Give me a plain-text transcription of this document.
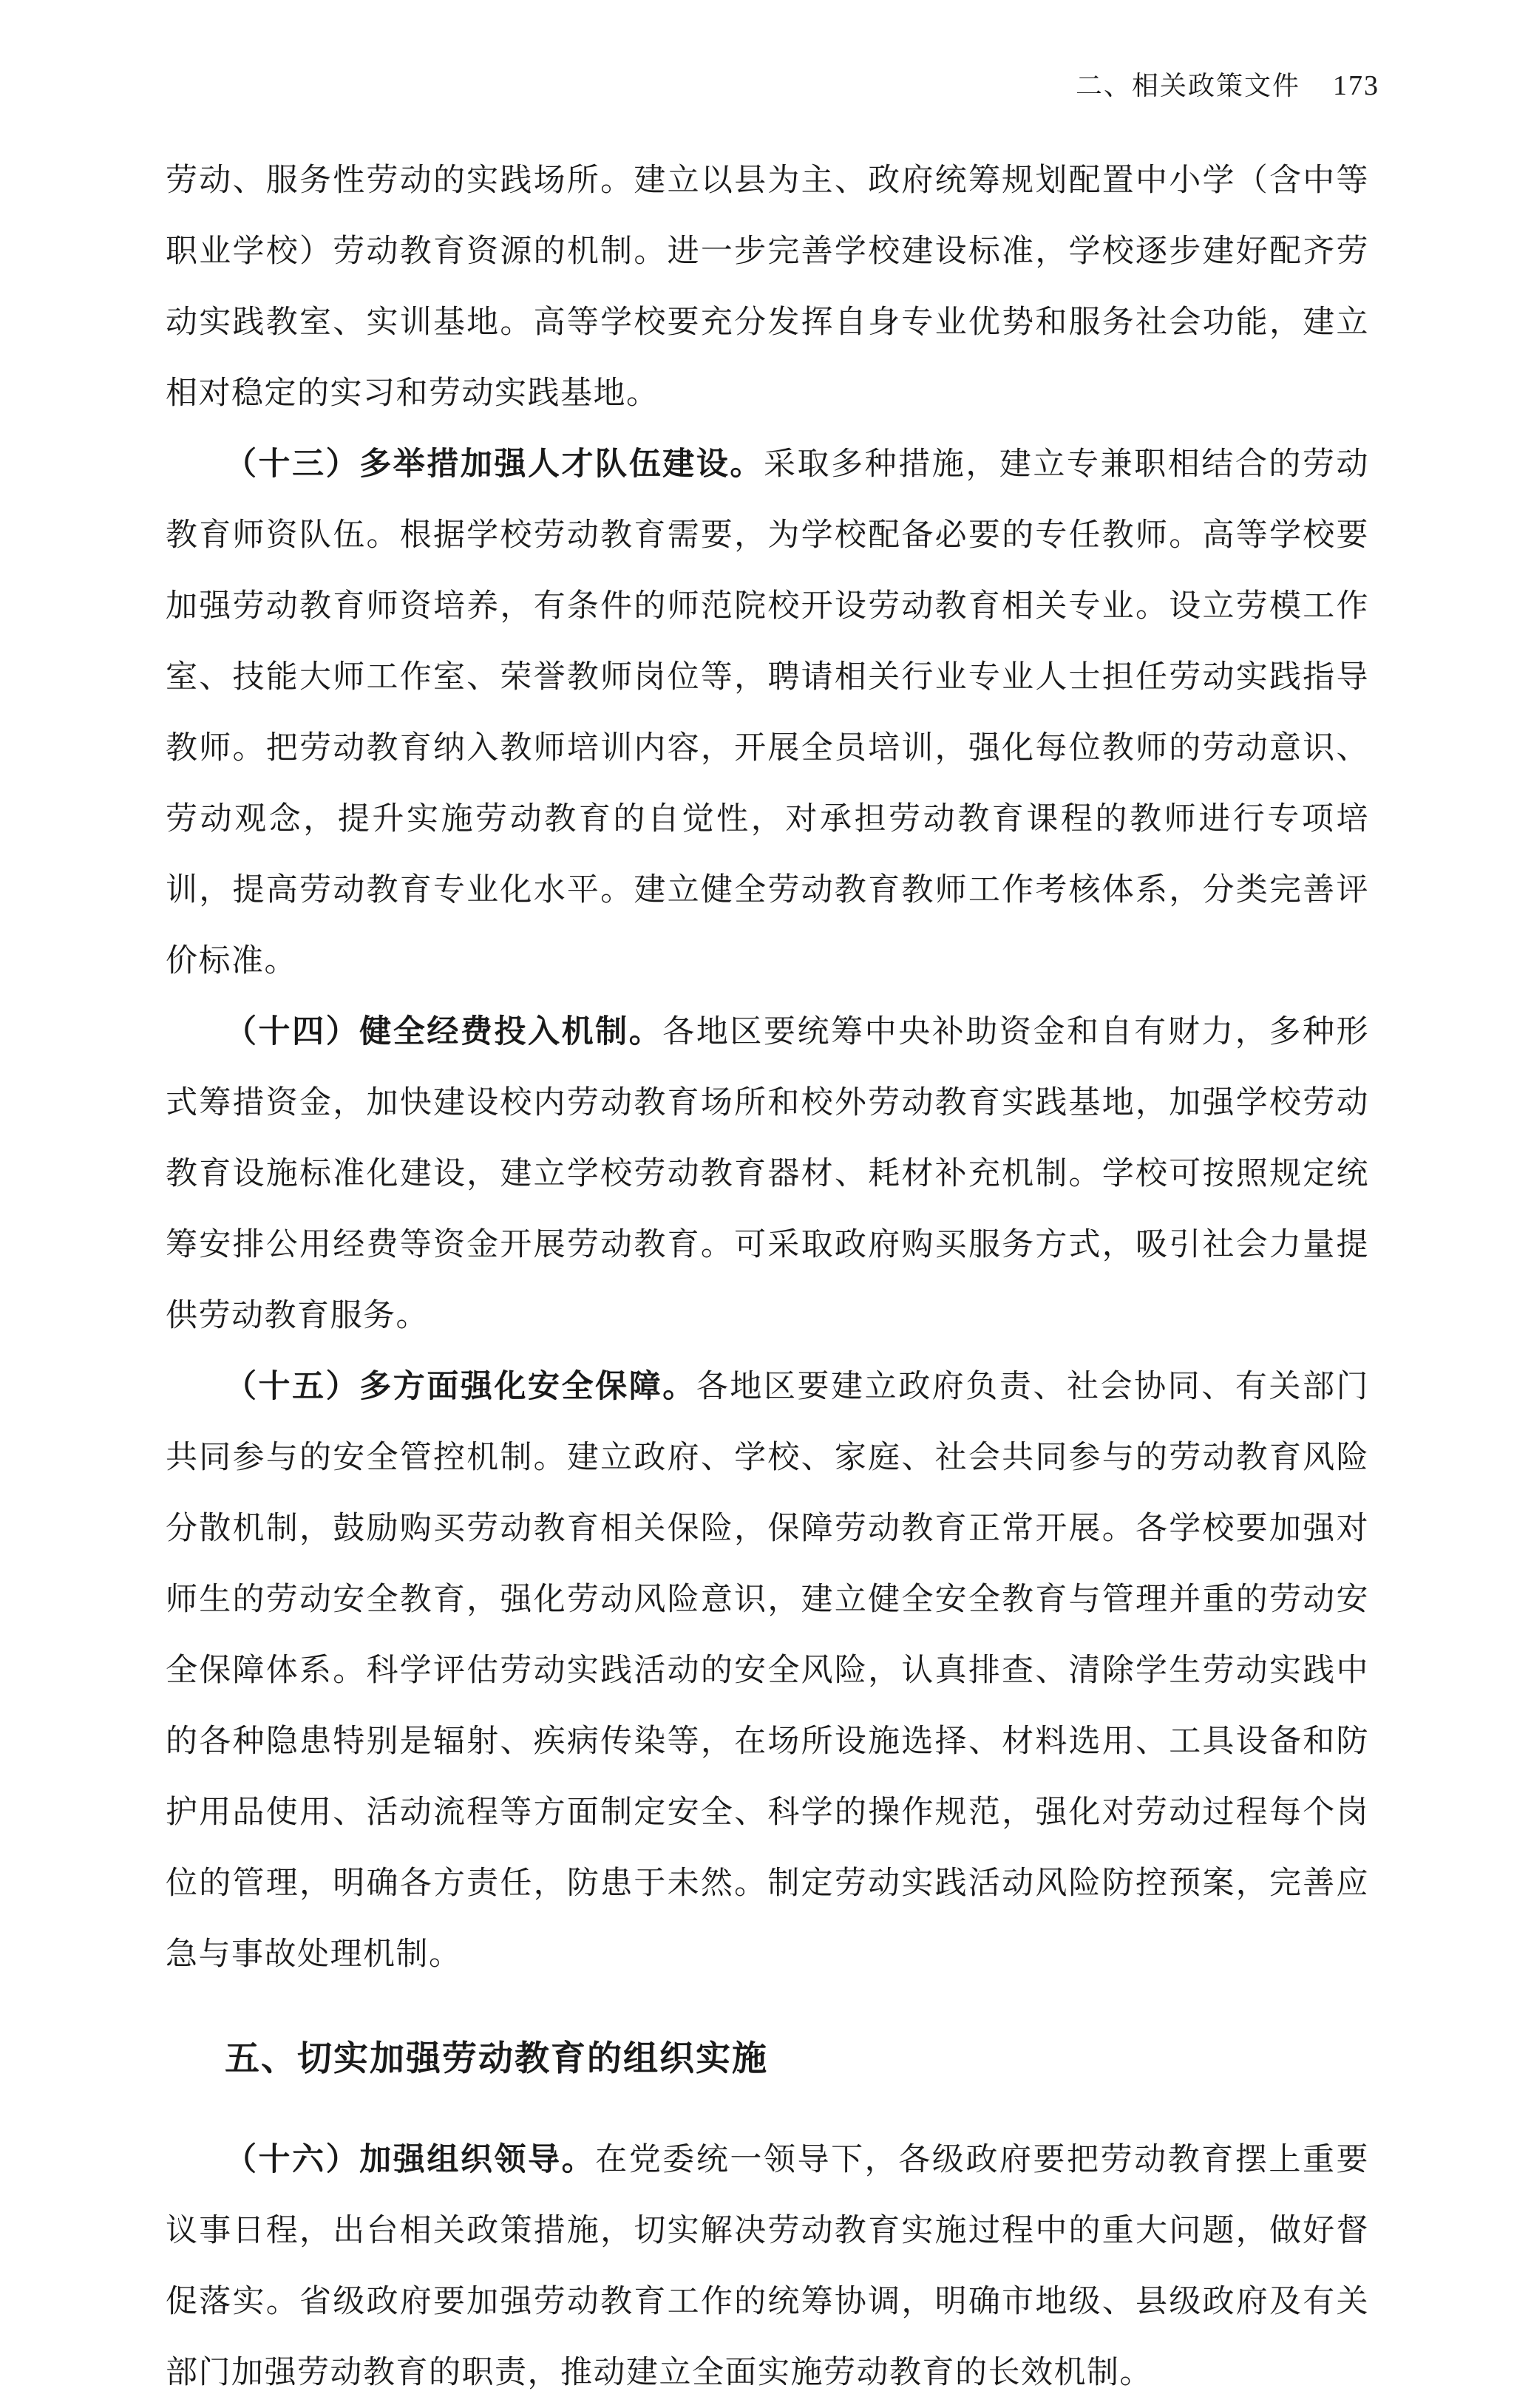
二、相关政策文件 173

劳动、服务性劳动的实践场所。建立以县为主、政府统筹规划配置中小学（含中等职业学校）劳动教育资源的机制。进一步完善学校建设标准，学校逐步建好配齐劳动实践教室、实训基地。高等学校要充分发挥自身专业优势和服务社会功能，建立相对稳定的实习和劳动实践基地。

（十三）多举措加强人才队伍建设。采取多种措施，建立专兼职相结合的劳动教育师资队伍。根据学校劳动教育需要，为学校配备必要的专任教师。高等学校要加强劳动教育师资培养，有条件的师范院校开设劳动教育相关专业。设立劳模工作室、技能大师工作室、荣誉教师岗位等，聘请相关行业专业人士担任劳动实践指导教师。把劳动教育纳入教师培训内容，开展全员培训，强化每位教师的劳动意识、劳动观念，提升实施劳动教育的自觉性，对承担劳动教育课程的教师进行专项培训，提高劳动教育专业化水平。建立健全劳动教育教师工作考核体系，分类完善评价标准。

（十四）健全经费投入机制。各地区要统筹中央补助资金和自有财力，多种形式筹措资金，加快建设校内劳动教育场所和校外劳动教育实践基地，加强学校劳动教育设施标准化建设，建立学校劳动教育器材、耗材补充机制。学校可按照规定统筹安排公用经费等资金开展劳动教育。可采取政府购买服务方式，吸引社会力量提供劳动教育服务。

（十五）多方面强化安全保障。各地区要建立政府负责、社会协同、有关部门共同参与的安全管控机制。建立政府、学校、家庭、社会共同参与的劳动教育风险分散机制，鼓励购买劳动教育相关保险，保障劳动教育正常开展。各学校要加强对师生的劳动安全教育，强化劳动风险意识，建立健全安全教育与管理并重的劳动安全保障体系。科学评估劳动实践活动的安全风险，认真排查、清除学生劳动实践中的各种隐患特别是辐射、疾病传染等，在场所设施选择、材料选用、工具设备和防护用品使用、活动流程等方面制定安全、科学的操作规范，强化对劳动过程每个岗位的管理，明确各方责任，防患于未然。制定劳动实践活动风险防控预案，完善应急与事故处理机制。

五、切实加强劳动教育的组织实施

（十六）加强组织领导。在党委统一领导下，各级政府要把劳动教育摆上重要议事日程，出台相关政策措施，切实解决劳动教育实施过程中的重大问题，做好督促落实。省级政府要加强劳动教育工作的统筹协调，明确市地级、县级政府及有关部门加强劳动教育的职责，推动建立全面实施劳动教育的长效机制。
